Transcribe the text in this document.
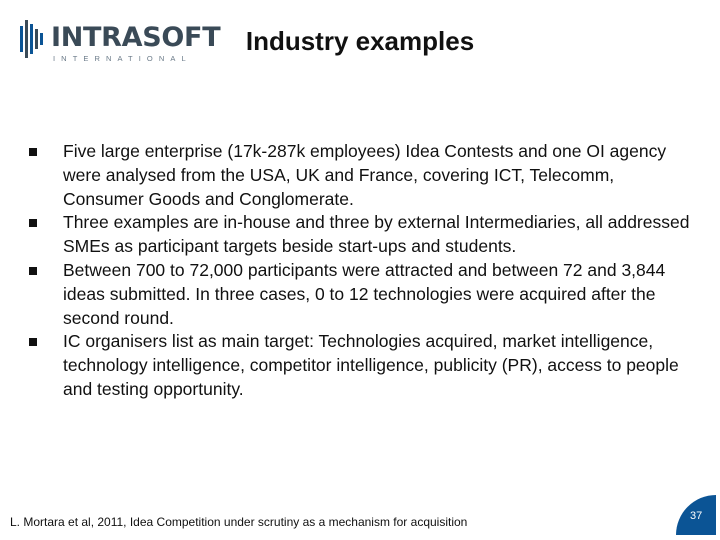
INTRASOFT
INTERNATIONAL
Industry examples
Five large enterprise (17k-287k employees) Idea Contests and one OI agency were analysed from the USA, UK and France, covering ICT, Telecomm, Consumer Goods and Conglomerate.
Three examples are in-house and three by external Intermediaries, all addressed SMEs as participant targets beside start-ups and students.
Between 700 to 72,000 participants were attracted and between 72 and 3,844 ideas submitted. In three cases, 0 to 12 technologies were acquired after the second round.
IC organisers list as main target: Technologies acquired, market intelligence, technology intelligence, competitor intelligence, publicity (PR), access to people and testing opportunity.
L. Mortara et al, 2011, Idea Competition under scrutiny as a mechanism for acquisition	37
